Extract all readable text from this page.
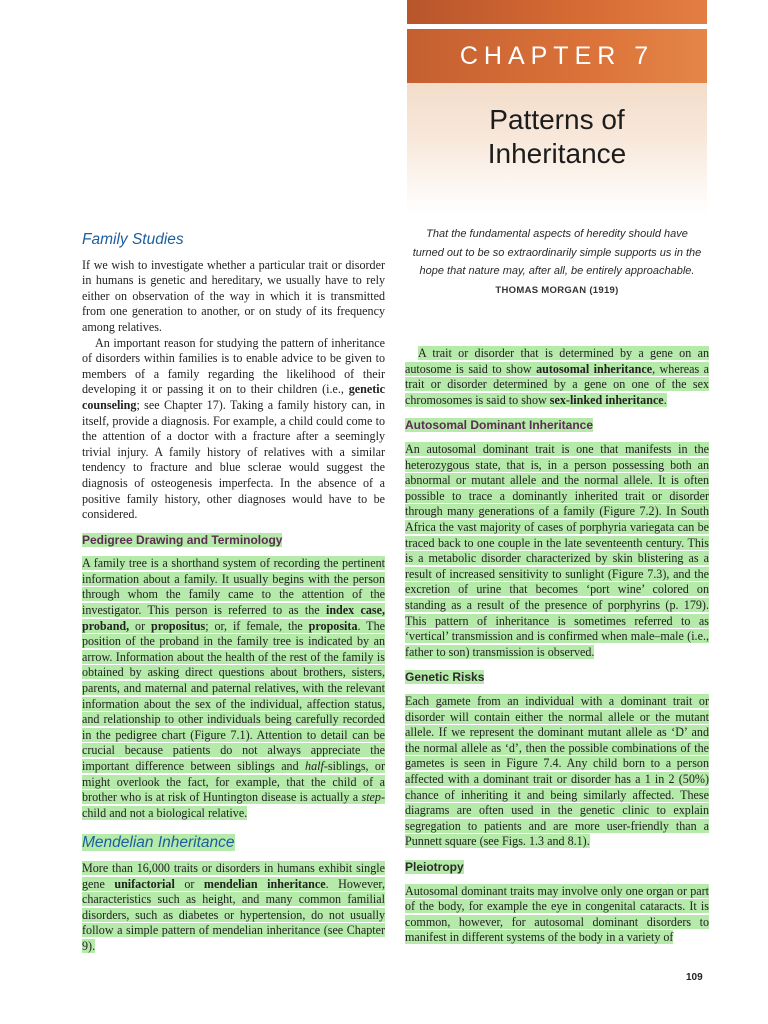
CHAPTER 7
Patterns of
Inheritance
Family Studies

If we wish to investigate whether a particular trait or disorder in humans is genetic and hereditary, we usually have to rely either on observation of the way in which it is transmitted from one generation to another, or on study of its frequency among relatives.

An important reason for studying the pattern of inheritance of disorders within families is to enable advice to be given to members of a family regarding the likelihood of their developing it or passing it on to their children (i.e., genetic counseling; see Chapter 17). Taking a family history can, in itself, provide a diagnosis. For example, a child could come to the attention of a doctor with a fracture after a seemingly trivial injury. A family history of relatives with a similar tendency to fracture and blue sclerae would suggest the diagnosis of osteogenesis imperfecta. In the absence of a positive family history, other diagnoses would have to be considered.

Pedigree Drawing and Terminology

A family tree is a shorthand system of recording the pertinent information about a family. It usually begins with the person through whom the family came to the attention of the investigator. This person is referred to as the index case, proband, or propositus; or, if female, the proposita. The position of the proband in the family tree is indicated by an arrow. Information about the health of the rest of the family is obtained by asking direct questions about brothers, sisters, parents, and maternal and paternal relatives, with the relevant information about the sex of the individual, affection status, and relationship to other individuals being carefully recorded in the pedigree chart (Figure 7.1). Attention to detail can be crucial because patients do not always appreciate the important difference between siblings and half-siblings, or might overlook the fact, for example, that the child of a brother who is at risk of Huntington disease is actually a step-child and not a biological relative.

Mendelian Inheritance

More than 16,000 traits or disorders in humans exhibit single gene unifactorial or mendelian inheritance. However, characteristics such as height, and many common familial disorders, such as diabetes or hypertension, do not usually follow a simple pattern of mendelian inheritance (see Chapter 9).

That the fundamental aspects of heredity should have turned out to be so extraordinarily simple supports us in the hope that nature may, after all, be entirely approachable.
THOMAS MORGAN (1919)

A trait or disorder that is determined by a gene on an autosome is said to show autosomal inheritance, whereas a trait or disorder determined by a gene on one of the sex chromosomes is said to show sex-linked inheritance.

Autosomal Dominant Inheritance

An autosomal dominant trait is one that manifests in the heterozygous state, that is, in a person possessing both an abnormal or mutant allele and the normal allele. It is often possible to trace a dominantly inherited trait or disorder through many generations of a family (Figure 7.2). In South Africa the vast majority of cases of porphyria variegata can be traced back to one couple in the late seventeenth century. This is a metabolic disorder characterized by skin blistering as a result of increased sensitivity to sunlight (Figure 7.3), and the excretion of urine that becomes ‘port wine’ colored on standing as a result of the presence of porphyrins (p. 179). This pattern of inheritance is sometimes referred to as ‘vertical’ transmission and is confirmed when male–male (i.e., father to son) transmission is observed.

Genetic Risks

Each gamete from an individual with a dominant trait or disorder will contain either the normal allele or the mutant allele. If we represent the dominant mutant allele as ‘D’ and the normal allele as ‘d’, then the possible combinations of the gametes is seen in Figure 7.4. Any child born to a person affected with a dominant trait or disorder has a 1 in 2 (50%) chance of inheriting it and being similarly affected. These diagrams are often used in the genetic clinic to explain segregation to patients and are more user-friendly than a Punnett square (see Figs. 1.3 and 8.1).

Pleiotropy

Autosomal dominant traits may involve only one organ or part of the body, for example the eye in congenital cataracts. It is common, however, for autosomal dominant disorders to manifest in different systems of the body in a variety of

109
